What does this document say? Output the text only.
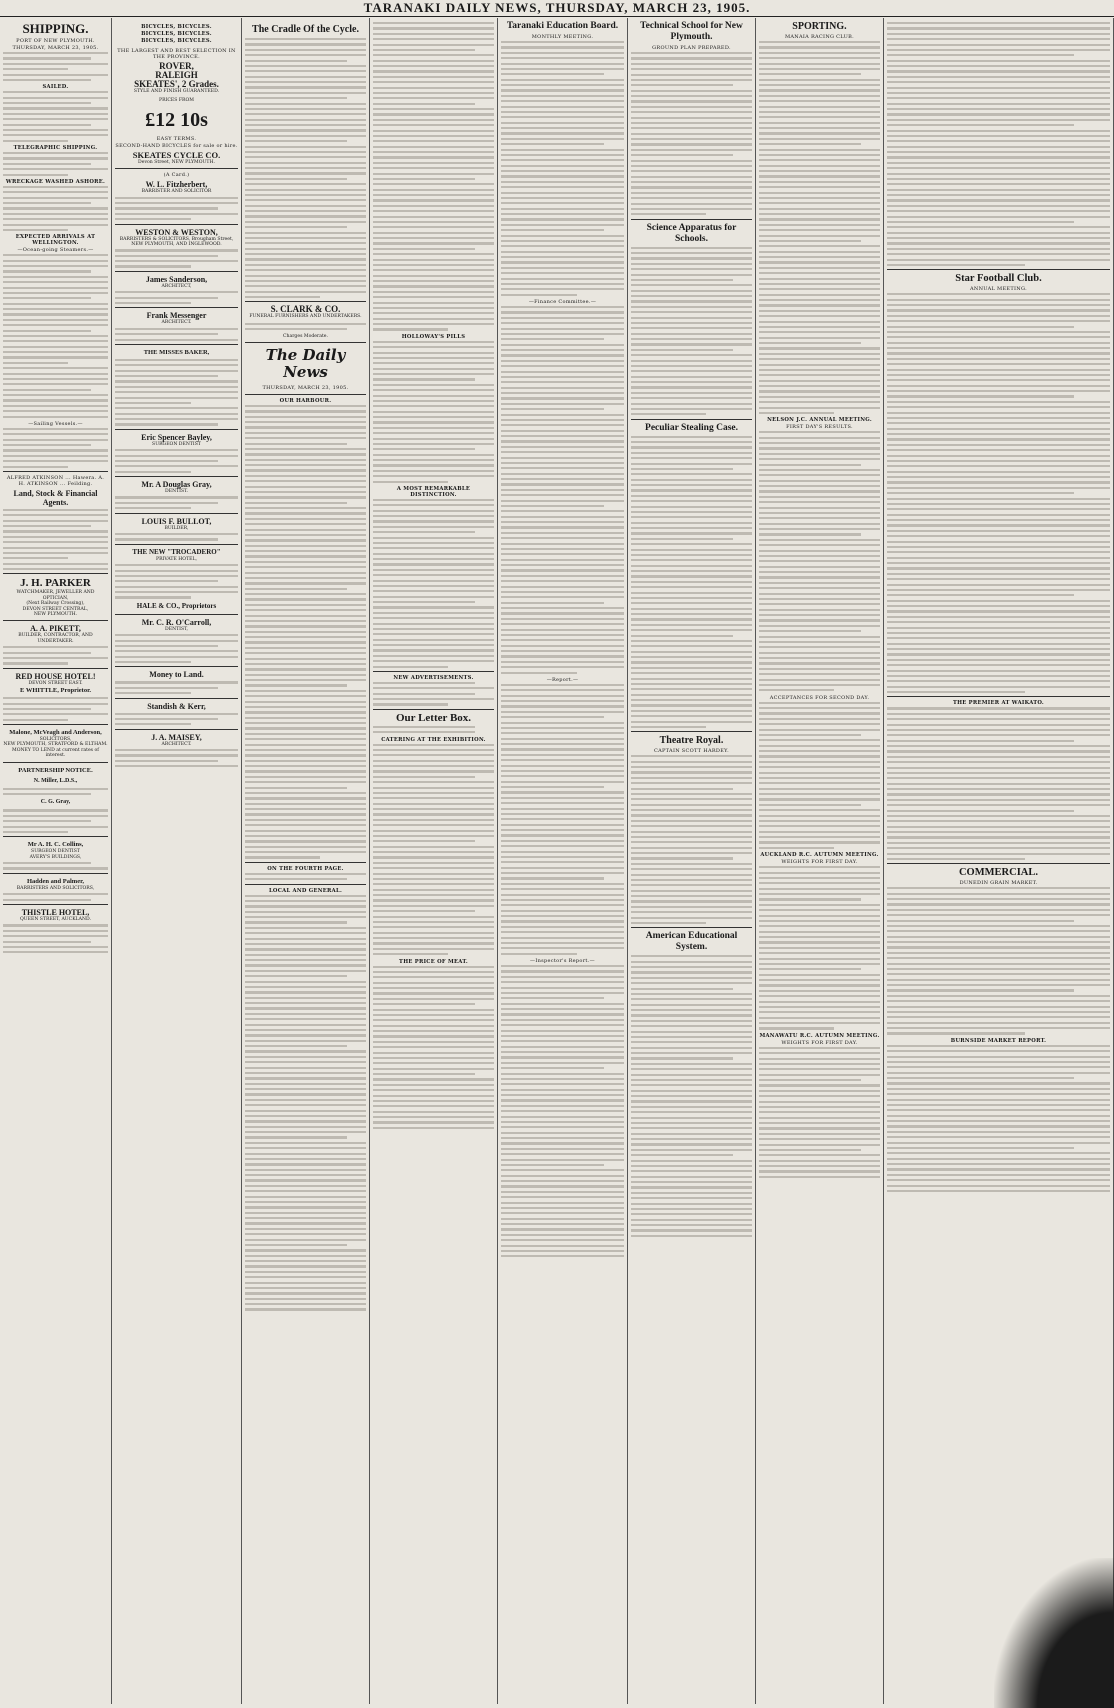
TARANAKI DAILY NEWS, THURSDAY, MARCH 23, 1905.
SHIPPING.
PORT OF NEW PLYMOUTH.
THURSDAY, MARCH 23, 1905.
SAILED.
TELEGRAPHIC SHIPPING.
WRECKAGE WASHED ASHORE.
EXPECTED ARRIVALS AT WELLINGTON.
—Ocean-going Steamers.—
—Sailing Vessels.—
ALFRED ATKINSON ... Hawera. A. H. ATKINSON ... Feilding.
Land, Stock & Financial Agents.
J. H. PARKER
WATCHMAKER, JEWELLER AND OPTICIAN,
(Next Railway Crossing),
DEVON STREET CENTRAL,
NEW PLYMOUTH.
A. A. PIKETT,
BUILDER, CONTRACTOR, AND UNDERTAKER.
RED HOUSE HOTEL!
DEVON STREET EAST.
E WHITTLE, Proprietor.
Malone, McVeagh and Anderson,
SOLICITORS,
NEW PLYMOUTH, STRATFORD & ELTHAM.
MONEY TO LEND at current rates of interest.
PARTNERSHIP NOTICE.
N. Miller, L.D.S.,
C. G. Gray,
Mr A. H. C. Collins,
SURGEON DENTIST
AVERY'S BUILDINGS,
Hadden and Palmer,
BARRISTERS AND SOLICITORS,
THISTLE HOTEL,
QUEEN STREET, AUCKLAND.
BICYCLES, BICYCLES.
BICYCLES, BICYCLES.
BICYCLES, BICYCLES.
THE LARGEST AND BEST SELECTION IN THE PROVINCE.
ROVER,
RALEIGH
SKEATES', 2 Grades.
STYLE AND FINISH GUARANTEED.
PRICES FROM
£12 10s
EASY TERMS.
SECOND-HAND BICYCLES for sale or hire.
SKEATES CYCLE CO.
Devon Street, NEW PLYMOUTH.
(A Card.)
W. L. Fitzherbert,
BARRISTER AND SOLICITOR
WESTON & WESTON,
BARRISTERS & SOLICITORS, Brougham Street, NEW PLYMOUTH, AND INGLEWOOD.
James Sanderson,
ARCHITECT,
Frank Messenger
ARCHITECT.
THE MISSES BAKER,
Eric Spencer Bayley,
SURGEON DENTIST
Mr. A Douglas Gray,
DENTIST.
LOUIS F. BULLOT,
BUILDER,
THE NEW "TROCADERO"
PRIVATE HOTEL,
HALE & CO., Proprietors
Mr. C. R. O'Carroll,
DENTIST,
Money to Land.
Standish & Kerr,
J. A. MAISEY,
ARCHITECT.
The Cradle Of the Cycle.
S. CLARK & CO.
FUNERAL FURNISHERS AND UNDERTAKERS.
Charges Moderate.
The Daily News
THURSDAY, MARCH 23, 1905.
OUR HARBOUR.
ON THE FOURTH PAGE.
LOCAL AND GENERAL.
HOLLOWAY'S PILLS
A MOST REMARKABLE DISTINCTION.
NEW ADVERTISEMENTS.
Our Letter Box.
CATERING AT THE EXHIBITION.
THE PRICE OF MEAT.
Taranaki Education Board.
MONTHLY MEETING.
—Finance Committee.—
—Report.—
—Inspector's Report.—
Technical School for New Plymouth.
GROUND PLAN PREPARED.
Science Apparatus for Schools.
Peculiar Stealing Case.
Theatre Royal.
CAPTAIN SCOTT HARDEY.
American Educational System.
SPORTING.
MANAIA RACING CLUB.
NELSON J.C. ANNUAL MEETING.
FIRST DAY'S RESULTS.
ACCEPTANCES FOR SECOND DAY.
AUCKLAND R.C. AUTUMN MEETING.
WEIGHTS FOR FIRST DAY.
MANAWATU R.C. AUTUMN MEETING.
WEIGHTS FOR FIRST DAY.
Star Football Club.
ANNUAL MEETING.
THE PREMIER AT WAIKATO.
COMMERCIAL.
DUNEDIN GRAIN MARKET.
BURNSIDE MARKET REPORT.
